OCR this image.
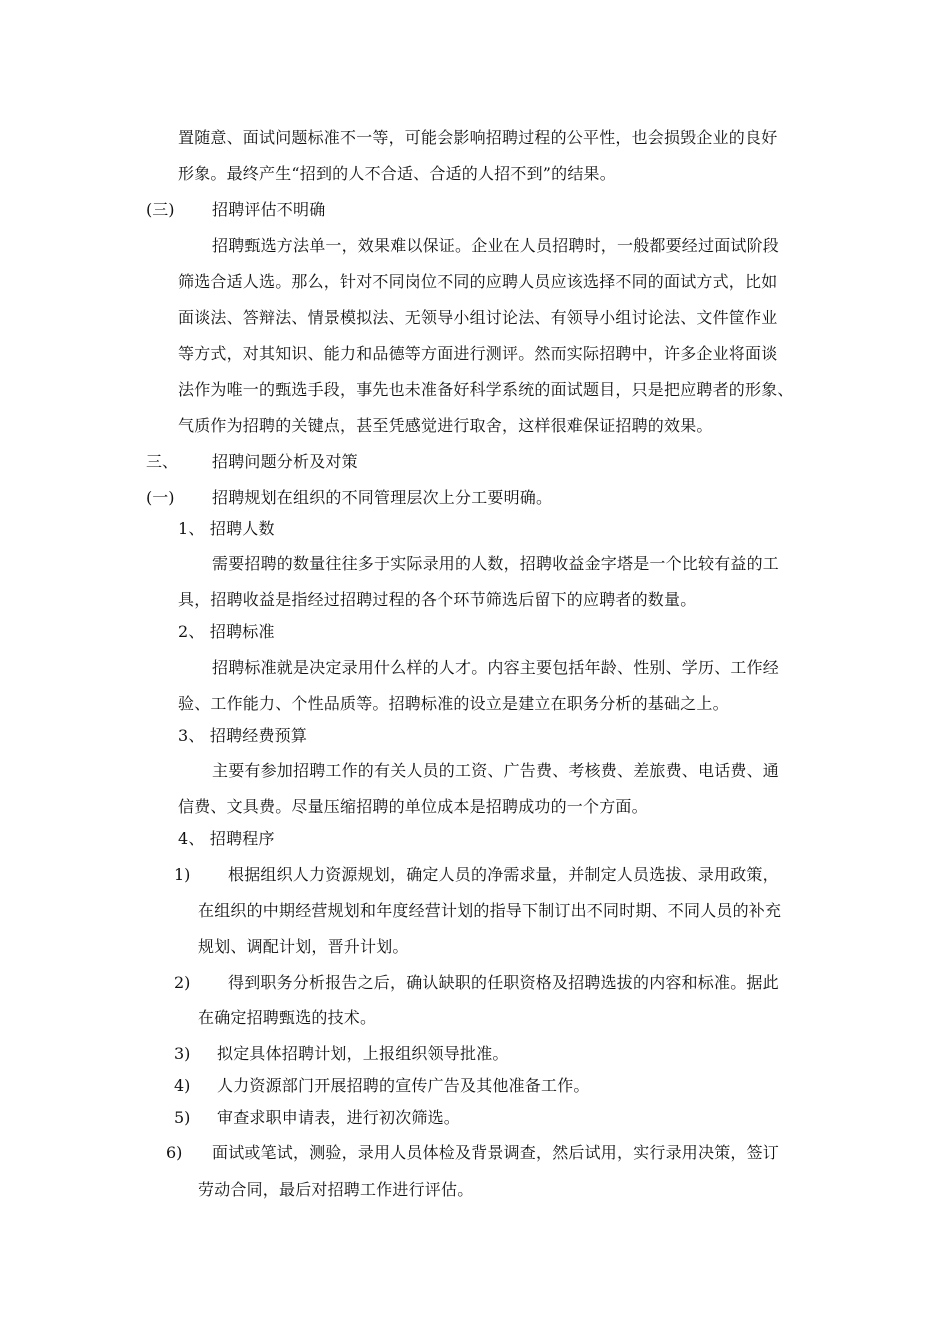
置随意、面试问题标准不一等，可能会影响招聘过程的公平性，也会损毁企业的良好
形象。最终产生“招到的人不合适、合适的人招不到”的结果。
(三) 招聘评估不明确
招聘甄选方法单一，效果难以保证。企业在人员招聘时，一般都要经过面试阶段
筛选合适人选。那么，针对不同岗位不同的应聘人员应该选择不同的面试方式，比如
面谈法、答辩法、情景模拟法、无领导小组讨论法、有领导小组讨论法、文件筐作业
等方式，对其知识、能力和品德等方面进行测评。然而实际招聘中，许多企业将面谈
法作为唯一的甄选手段，事先也未准备好科学系统的面试题目，只是把应聘者的形象、
气质作为招聘的关键点，甚至凭感觉进行取舍，这样很难保证招聘的效果。
三、 招聘问题分析及对策
(一) 招聘规划在组织的不同管理层次上分工要明确。
1、 招聘人数
需要招聘的数量往往多于实际录用的人数，招聘收益金字塔是一个比较有益的工
具，招聘收益是指经过招聘过程的各个环节筛选后留下的应聘者的数量。
2、 招聘标准
招聘标准就是决定录用什么样的人才。内容主要包括年龄、性别、学历、工作经
验、工作能力、个性品质等。招聘标准的设立是建立在职务分析的基础之上。
3、 招聘经费预算
主要有参加招聘工作的有关人员的工资、广告费、考核费、差旅费、电话费、通
信费、文具费。尽量压缩招聘的单位成本是招聘成功的一个方面。
4、 招聘程序
1) 根据组织人力资源规划，确定人员的净需求量，并制定人员选拔、录用政策，
在组织的中期经营规划和年度经营计划的指导下制订出不同时期、不同人员的补充
规划、调配计划，晋升计划。
2) 得到职务分析报告之后，确认缺职的任职资格及招聘选拔的内容和标准。据此
在确定招聘甄选的技术。
3) 拟定具体招聘计划，上报组织领导批准。
4) 人力资源部门开展招聘的宣传广告及其他准备工作。
5) 审查求职申请表，进行初次筛选。
6) 面试或笔试，测验，录用人员体检及背景调查，然后试用，实行录用决策，签订
劳动合同，最后对招聘工作进行评估。
